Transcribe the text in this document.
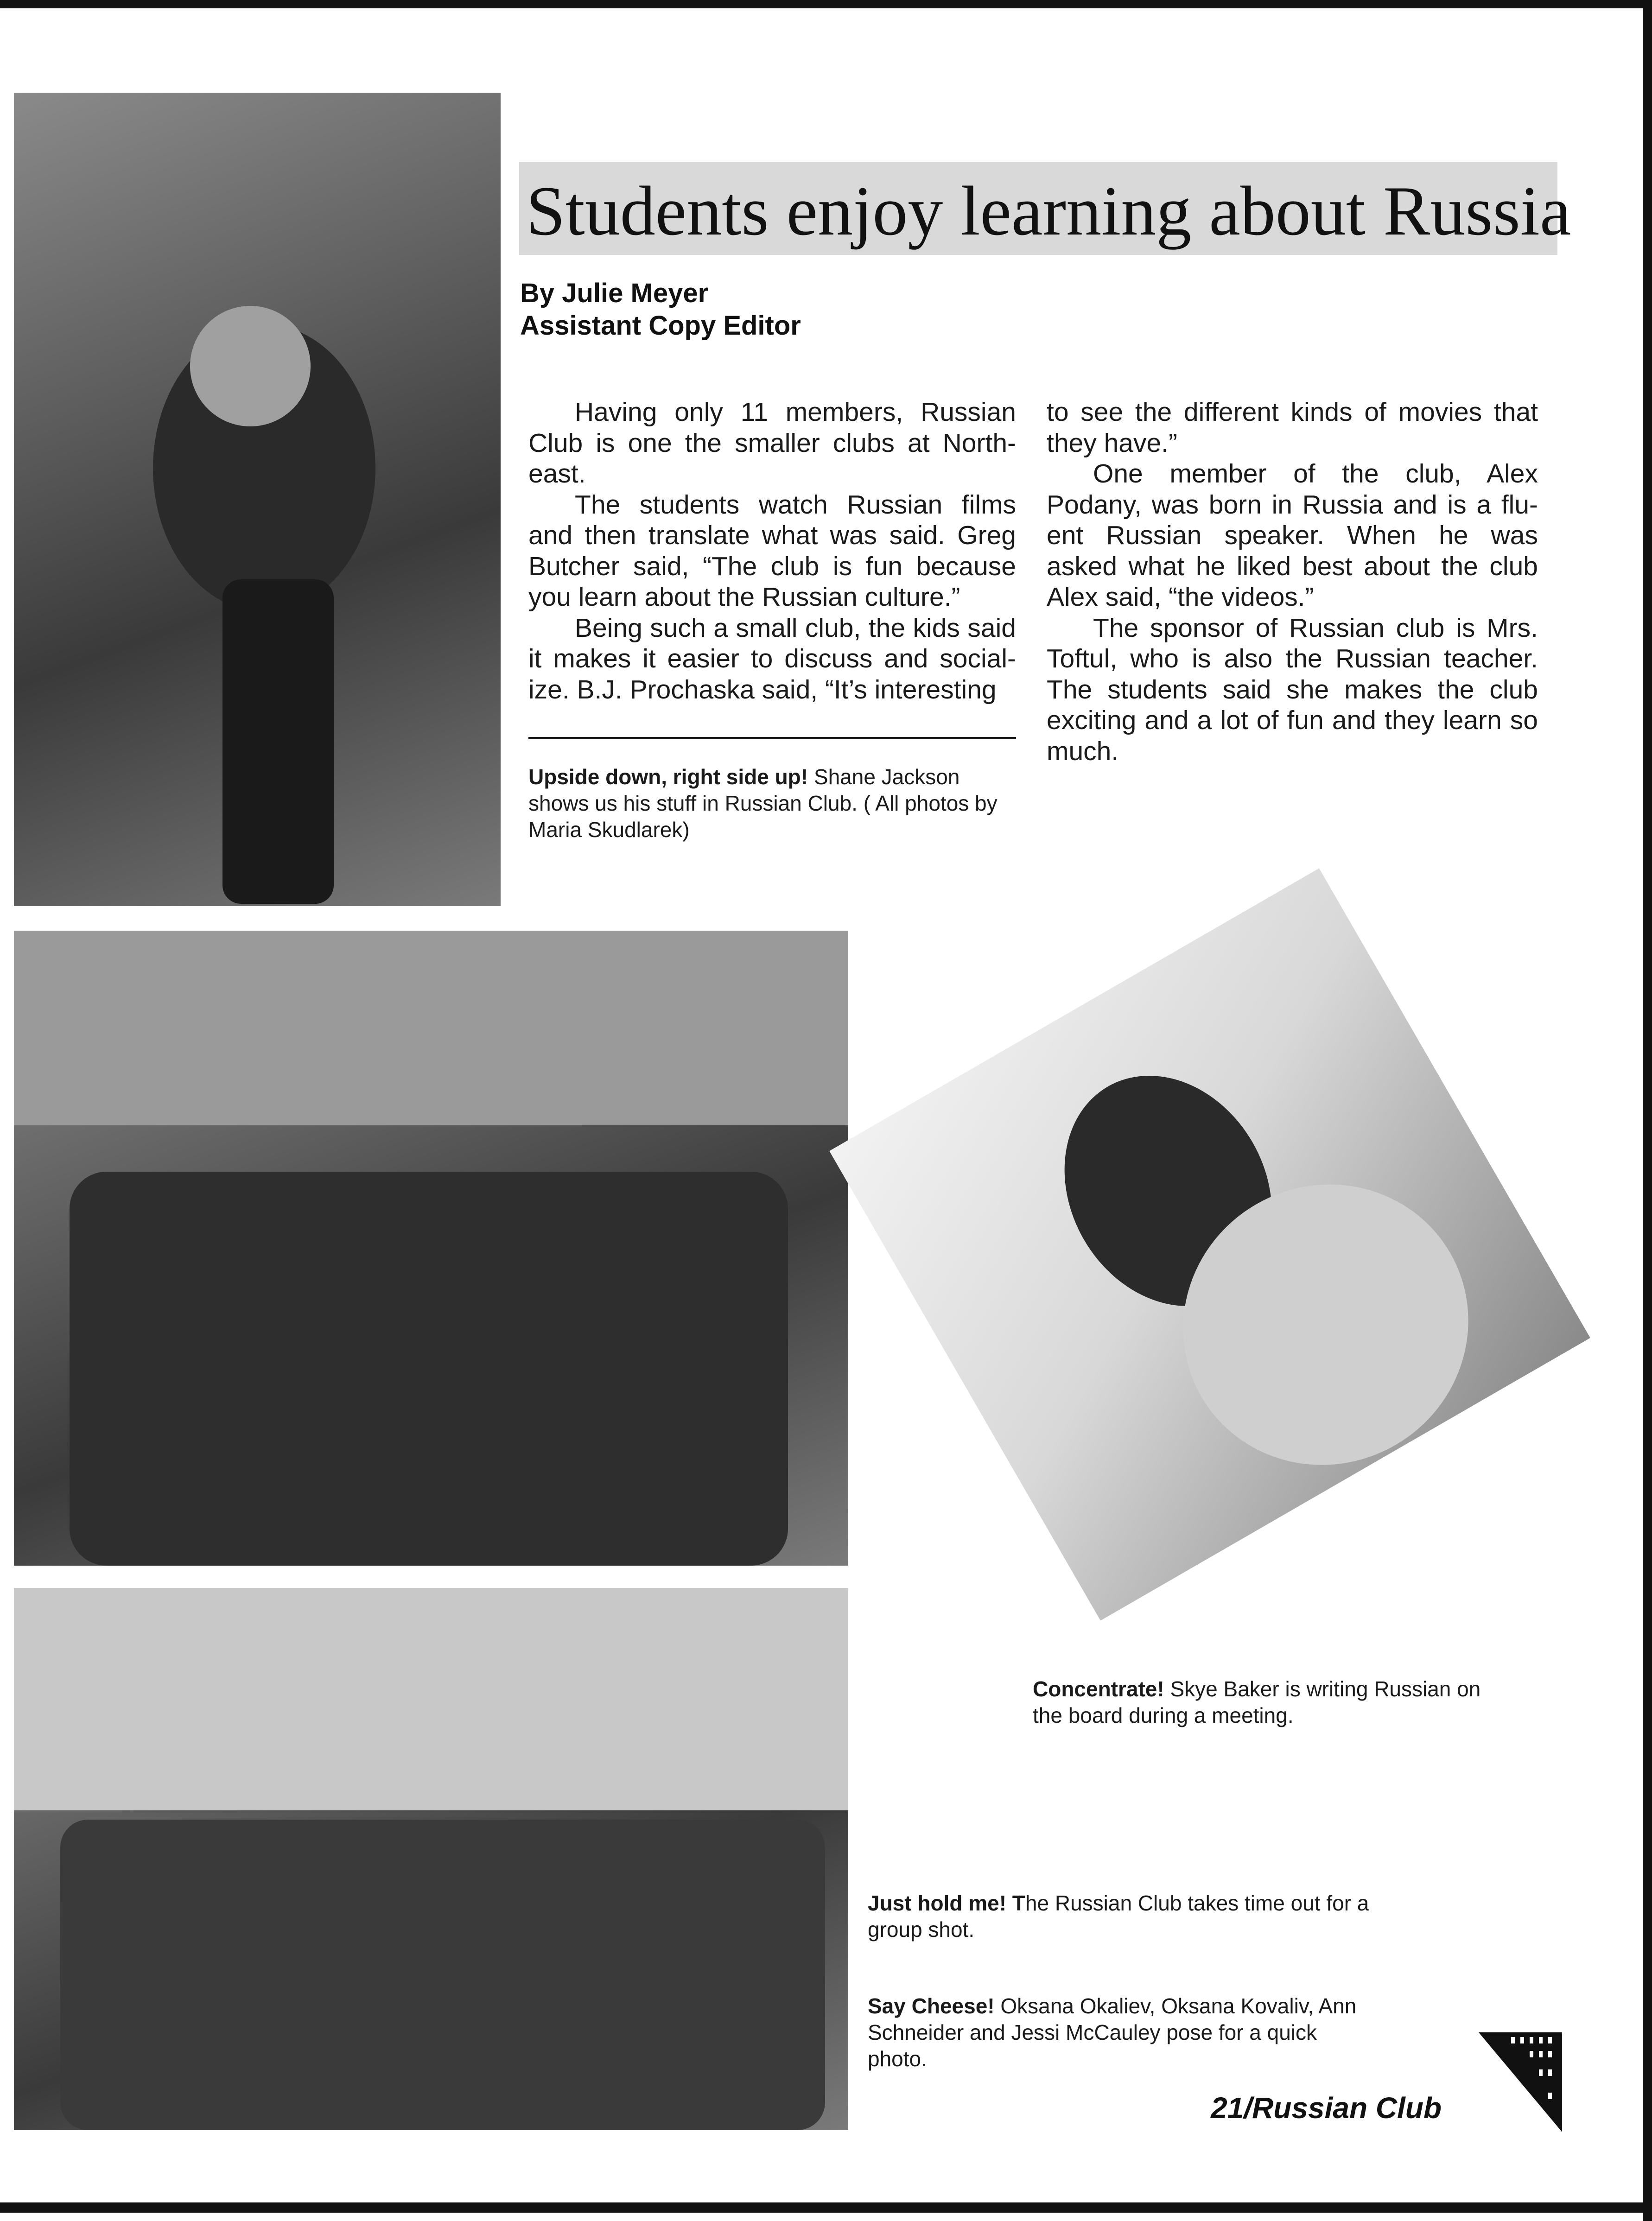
Students enjoy learning about Russia
By Julie Meyer
Assistant Copy Editor

Having only 11 members, Russian Club is one the smaller clubs at North-east.

The students watch Russian films and then translate what was said. Greg Butcher said, “The club is fun because you learn about the Russian culture.”

Being such a small club, the kids said it makes it easier to discuss and social-ize. B.J. Prochaska said, “It’s interesting

to see the different kinds of movies that they have.”

One member of the club, Alex Podany, was born in Russia and is a flu-ent Russian speaker. When he was asked what he liked best about the club Alex said, “the videos.”

The sponsor of Russian club is Mrs. Toftul, who is also the Russian teacher. The students said she makes the club exciting and a lot of fun and they learn so much.

Upside down, right side up! Shane Jackson shows us his stuff in Russian Club. ( All photos by Maria Skudlarek)
Concentrate! Skye Baker is writing Russian on the board during a meeting.
Just hold me! The Russian Club takes time out for a group shot.
Say Cheese! Oksana Okaliev, Oksana Kovaliv, Ann Schneider and Jessi McCauley pose for a quick photo.
21/Russian Club
